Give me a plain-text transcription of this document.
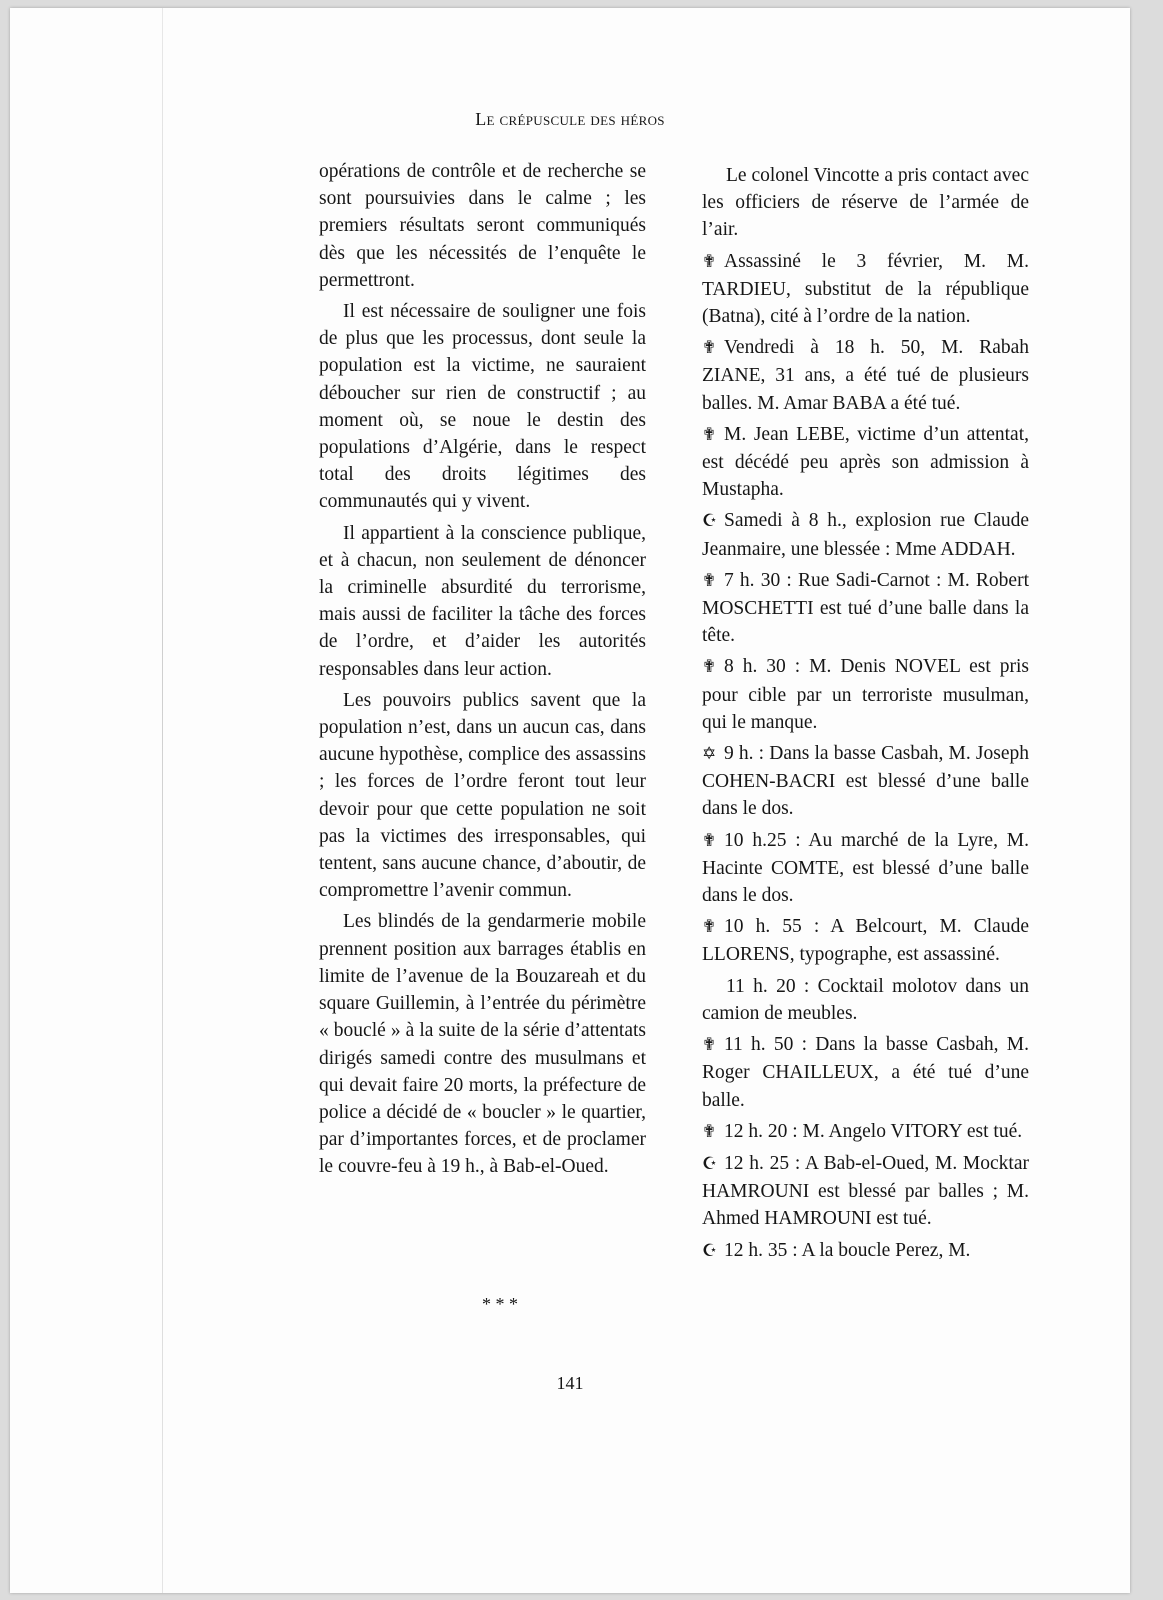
Le crépuscule des héros

opérations de contrôle et de recherche se sont poursuivies dans le calme ; les premiers résultats seront communiqués dès que les nécessités de l’enquête le permettront.

Il est nécessaire de souligner une fois de plus que les processus, dont seule la population est la victime, ne sauraient déboucher sur rien de constructif ; au moment où, se noue le destin des populations d’Algérie, dans le respect total des droits légitimes des communautés qui y vivent.

Il appartient à la conscience publique, et à chacun, non seulement de dénoncer la criminelle absurdité du terrorisme, mais aussi de faciliter la tâche des forces de l’ordre, et d’aider les autorités responsables dans leur action.

Les pouvoirs publics savent que la population n’est, dans un aucun cas, dans aucune hypothèse, complice des assassins ; les forces de l’ordre feront tout leur devoir pour que cette population ne soit pas la victimes des irresponsables, qui tentent, sans aucune chance, d’aboutir, de compromettre l’avenir commun.

Les blindés de la gendarmerie mobile prennent position aux barrages établis en limite de l’avenue de la Bouzareah et du square Guillemin, à l’entrée du périmètre « bouclé » à la suite de la série d’attentats dirigés samedi contre des musulmans et qui devait faire 20 morts, la préfecture de police a décidé de « boucler » le quartier, par d’importantes forces, et de proclamer le couvre-feu à 19 h., à Bab-el-Oued.

Le colonel Vincotte a pris contact avec les officiers de réserve de l’armée de l’air.

✟ Assassiné le 3 février, M. M. TARDIEU, substitut de la république (Batna), cité à l’ordre de la nation.

✟ Vendredi à 18 h. 50, M. Rabah ZIANE, 31 ans, a été tué de plusieurs balles. M. Amar BABA a été tué.

✟ M. Jean LEBE, victime d’un attentat, est décédé peu après son admission à Mustapha.

☪ Samedi à 8 h., explosion rue Claude Jeanmaire, une blessée : Mme ADDAH.

✟ 7 h. 30 : Rue Sadi-Carnot : M. Robert MOSCHETTI est tué d’une balle dans la tête.

✟ 8 h. 30 : M. Denis NOVEL est pris pour cible par un terroriste musulman, qui le manque.

✡ 9 h. : Dans la basse Casbah, M. Joseph COHEN-BACRI est blessé d’une balle dans le dos.

✟ 10 h.25 : Au marché de la Lyre, M. Hacinte COMTE, est blessé d’une balle dans le dos.

✟ 10 h. 55 : A Belcourt, M. Claude LLORENS, typographe, est assassiné.

11 h. 20 : Cocktail molotov dans un camion de meubles.

✟ 11 h. 50 : Dans la basse Casbah, M. Roger CHAILLEUX, a été tué d’une balle.

✟ 12 h. 20 : M. Angelo VITORY est tué.

☪ 12 h. 25 : A Bab-el-Oued, M. Mocktar HAMROUNI est blessé par balles ; M. Ahmed HAMROUNI est tué.

☪ 12 h. 35 : A la boucle Perez, M.

* * *
141
